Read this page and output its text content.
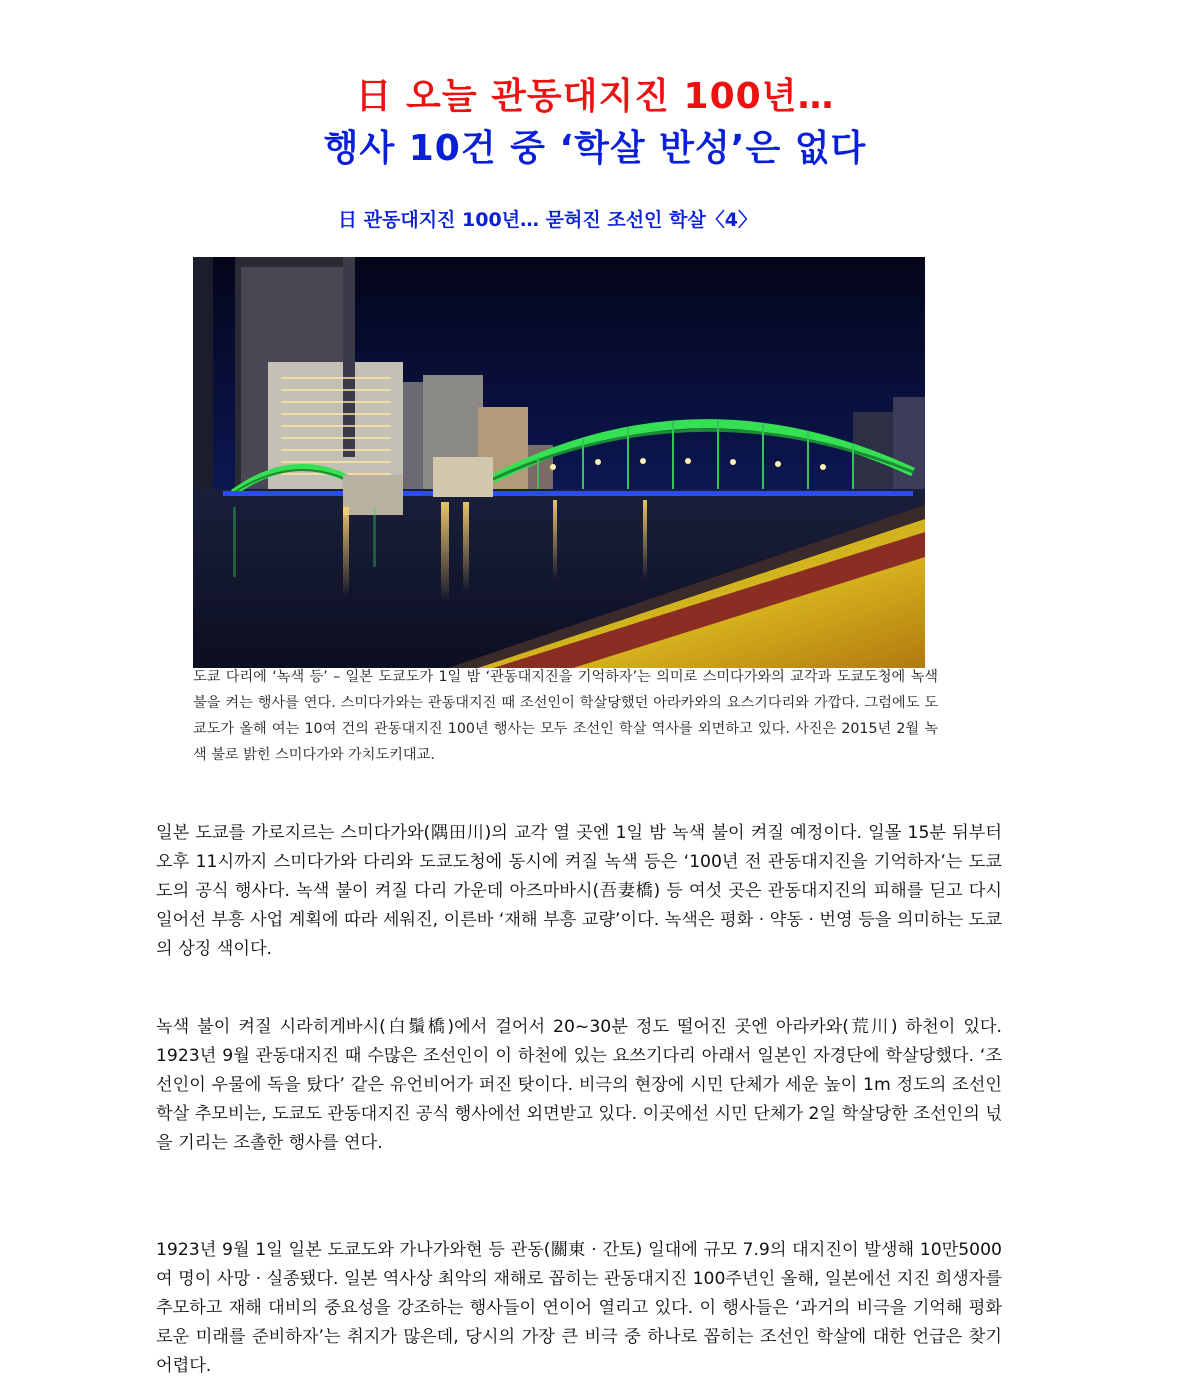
日 오늘 관동대지진 100년…
행사 10건 중 ‘학살 반성’은 없다
日 관동대지진 100년… 묻혀진 조선인 학살〈4〉
도쿄 다리에 ‘녹색 등’ – 일본 도쿄도가 1일 밤 ‘관동대지진을 기억하자’는 의미로 스미다가와의 교각과 도쿄도청에 녹색 불을 켜는 행사를 연다. 스미다가와는 관동대지진 때 조선인이 학살당했던 아라카와의 요스기다리와 가깝다. 그럼에도 도쿄도가 올해 여는 10여 건의 관동대지진 100년 행사는 모두 조선인 학살 역사를 외면하고 있다. 사진은 2015년 2월 녹색 불로 밝힌 스미다가와 가치도키대교.

일본 도쿄를 가로지르는 스미다가와(隅田川)의 교각 열 곳엔 1일 밤 녹색 불이 켜질 예정이다. 일몰 15분 뒤부터 오후 11시까지 스미다가와 다리와 도쿄도청에 동시에 켜질 녹색 등은 ‘100년 전 관동대지진을 기억하자’는 도쿄도의 공식 행사다. 녹색 불이 켜질 다리 가운데 아즈마바시(吾妻橋) 등 여섯 곳은 관동대지진의 피해를 딛고 다시 일어선 부흥 사업 계획에 따라 세워진, 이른바 ‘재해 부흥 교량’이다. 녹색은 평화 · 약동 · 번영 등을 의미하는 도쿄의 상징 색이다.

녹색 불이 켜질 시라히게바시(白鬚橋)에서 걸어서 20~30분 정도 떨어진 곳엔 아라카와(荒川) 하천이 있다. 1923년 9월 관동대지진 때 수많은 조선인이 이 하천에 있는 요쓰기다리 아래서 일본인 자경단에 학살당했다. ‘조선인이 우물에 독을 탔다’ 같은 유언비어가 퍼진 탓이다. 비극의 현장에 시민 단체가 세운 높이 1m 정도의 조선인 학살 추모비는, 도쿄도 관동대지진 공식 행사에선 외면받고 있다. 이곳에선 시민 단체가 2일 학살당한 조선인의 넋을 기리는 조촐한 행사를 연다.

1923년 9월 1일 일본 도쿄도와 가나가와현 등 관동(關東 · 간토) 일대에 규모 7.9의 대지진이 발생해 10만5000여 명이 사망 · 실종됐다. 일본 역사상 최악의 재해로 꼽히는 관동대지진 100주년인 올해, 일본에선 지진 희생자를 추모하고 재해 대비의 중요성을 강조하는 행사들이 연이어 열리고 있다. 이 행사들은 ‘과거의 비극을 기억해 평화로운 미래를 준비하자’는 취지가 많은데, 당시의 가장 큰 비극 중 하나로 꼽히는 조선인 학살에 대한 언급은 찾기 어렵다.
